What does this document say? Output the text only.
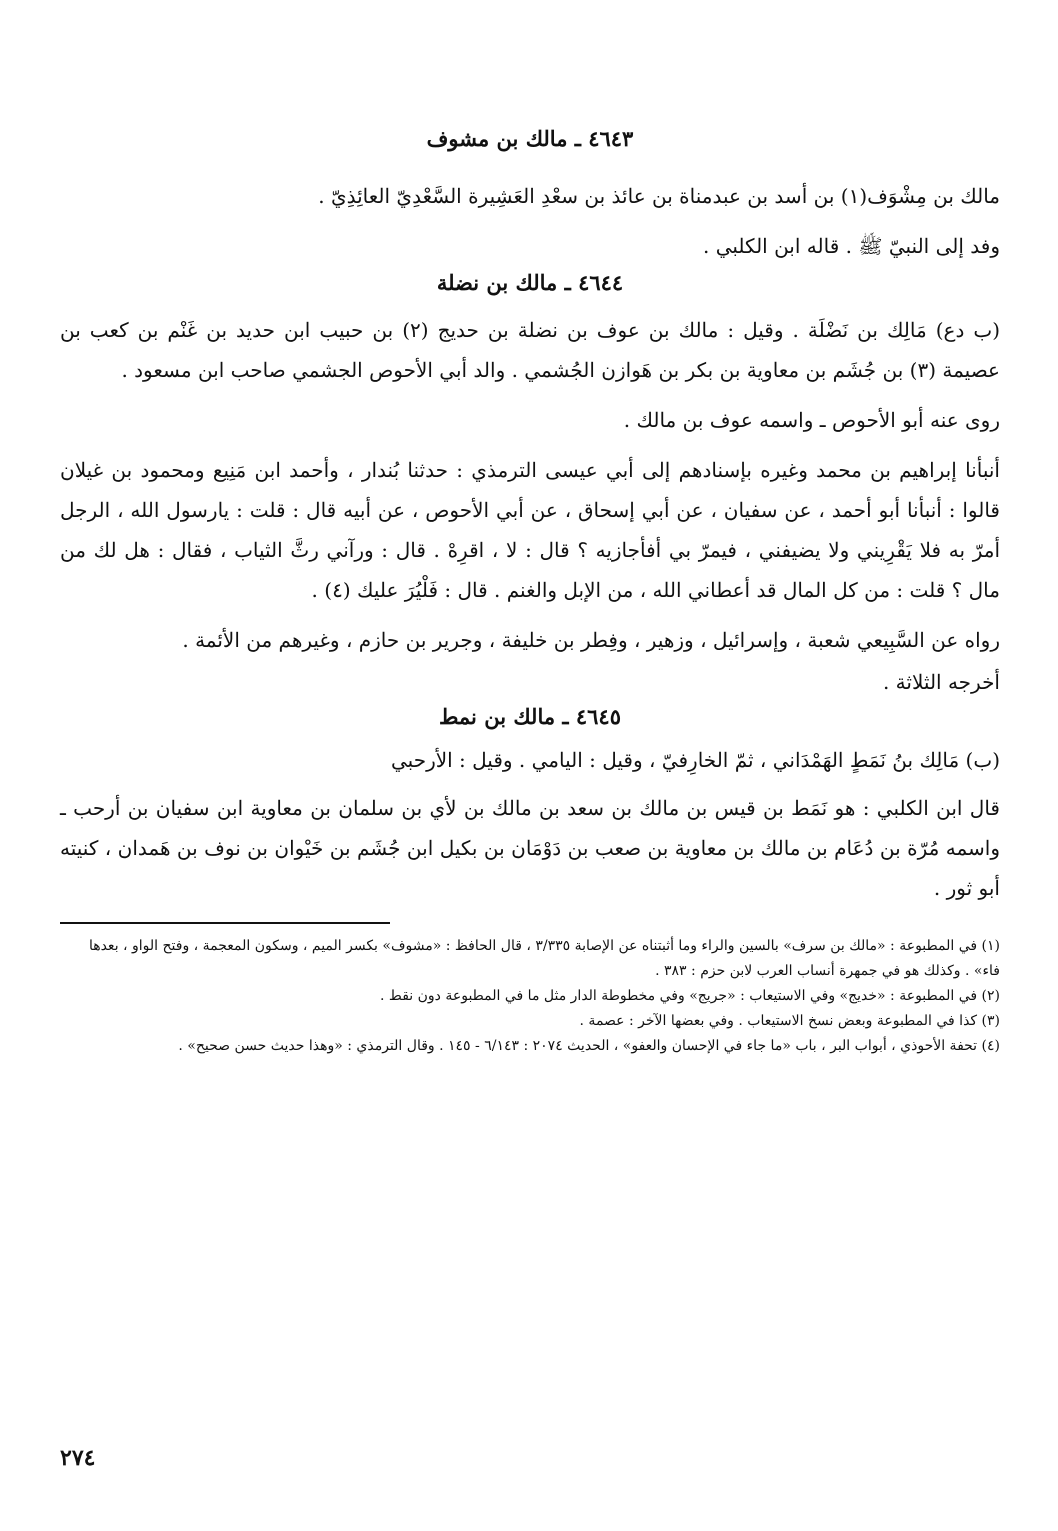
٤٦٤٣ ـ مالك بن مشوف

مالك بن مِشْوَف(١) بن أسد بن عبدمناة بن عائذ بن سعْدِ العَشِيرة السَّعْدِيّ العائِذِيّ .

وفد إلى النبيّ ﷺ . قاله ابن الكلبي .

٤٦٤٤ ـ مالك بن نضلة

(ب دع) مَالِك بن نَضْلَة . وقيل : مالك بن عوف بن نضلة بن حديج (٢) بن حبيب ابن حديد بن غَنْم بن كعب بن عصيمة (٣) بن جُشَم بن معاوية بن بكر بن هَوازن الجُشمي . والد أبي الأحوص الجشمي صاحب ابن مسعود .

روى عنه أبو الأحوص ـ واسمه عوف بن مالك .

أنبأنا إبراهيم بن محمد وغيره بإسنادهم إلى أبي عيسى الترمذي : حدثنا بُندار ، وأحمد ابن مَنِيع ومحمود بن غيلان قالوا : أنبأنا أبو أحمد ، عن سفيان ، عن أبي إسحاق ، عن أبي الأحوص ، عن أبيه قال : قلت : يارسول الله ، الرجل أمرّ به فلا يَقْرِيني ولا يضيفني ، فيمرّ بي أفأجازيه ؟ قال : لا ، اقرِهْ . قال : ورآني رثَّ الثياب ، فقال : هل لك من مال ؟ قلت : من كل المال قد أعطاني الله ، من الإبل والغنم . قال : فَلْيُرَ عليك (٤) .

رواه عن السَّبِيعي شعبة ، وإسرائيل ، وزهير ، وفِطر بن خليفة ، وجرير بن حازم ، وغيرهم من الأئمة .

أخرجه الثلاثة .

٤٦٤٥ ـ مالك بن نمط

(ب) مَالِك بنُ نَمَطٍ الهَمْدَاني ، ثمّ الخارِفيّ ، وقيل : اليامي . وقيل : الأرحبي

قال ابن الكلبي : هو نَمَط بن قيس بن مالك بن سعد بن مالك بن لأي بن سلمان بن معاوية ابن سفيان بن أرحب ـ واسمه مُرّة بن دُعَام بن مالك بن معاوية بن صعب بن دَوْمَان بن بكيل ابن جُشَم بن خَيْوان بن نوف بن هَمدان ، كنيته أبو ثور .

(١) في المطبوعة : «مالك بن سرف» بالسين والراء وما أثبتناه عن الإصابة ٣/٣٣٥ ، قال الحافظ : «مشوف» بكسر الميم ، وسكون المعجمة ، وفتح الواو ، بعدها فاء» . وكذلك هو في جمهرة أنساب العرب لابن حزم : ٣٨٣ .

(٢) في المطبوعة : «خديج» وفي الاستيعاب : «جريج» وفي مخطوطة الدار مثل ما في المطبوعة دون نقط .

(٣) كذا في المطبوعة وبعض نسخ الاستيعاب . وفي بعضها الآخر : عصمة .

(٤) تحفة الأحوذي ، أبواب البر ، باب «ما جاء في الإحسان والعفو» ، الحديث ٢٠٧٤ : ٦/١٤٣ - ١٤٥ . وقال الترمذي : «وهذا حديث حسن صحيح» .

٢٧٤
